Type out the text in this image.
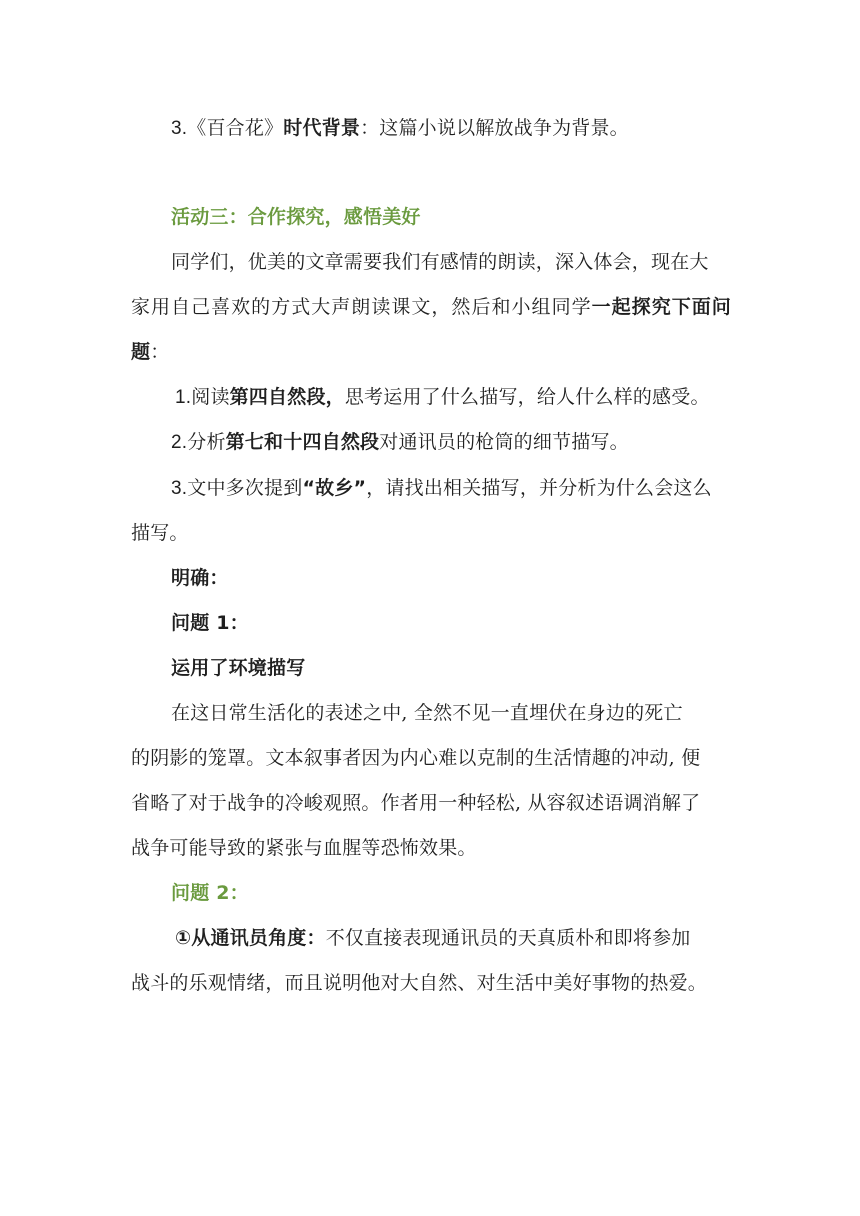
3.《百合花》时代背景：这篇小说以解放战争为背景。
活动三：合作探究，感悟美好
同学们，优美的文章需要我们有感情的朗读，深入体会，现在大
家用自己喜欢的方式大声朗读课文，然后和小组同学一起探究下面问
题：
1.阅读第四自然段，思考运用了什么描写，给人什么样的感受。
2.分析第七和十四自然段对通讯员的枪筒的细节描写。
3.文中多次提到“故乡”，请找出相关描写，并分析为什么会这么
描写。
明确：
问题 1：
运用了环境描写
在这日常生活化的表述之中, 全然不见一直埋伏在身边的死亡
的阴影的笼罩。文本叙事者因为内心难以克制的生活情趣的冲动, 便
省略了对于战争的冷峻观照。作者用一种轻松, 从容叙述语调消解了
战争可能导致的紧张与血腥等恐怖效果。
问题 2：
①从通讯员角度：不仅直接表现通讯员的天真质朴和即将参加
战斗的乐观情绪，而且说明他对大自然、对生活中美好事物的热爱。
